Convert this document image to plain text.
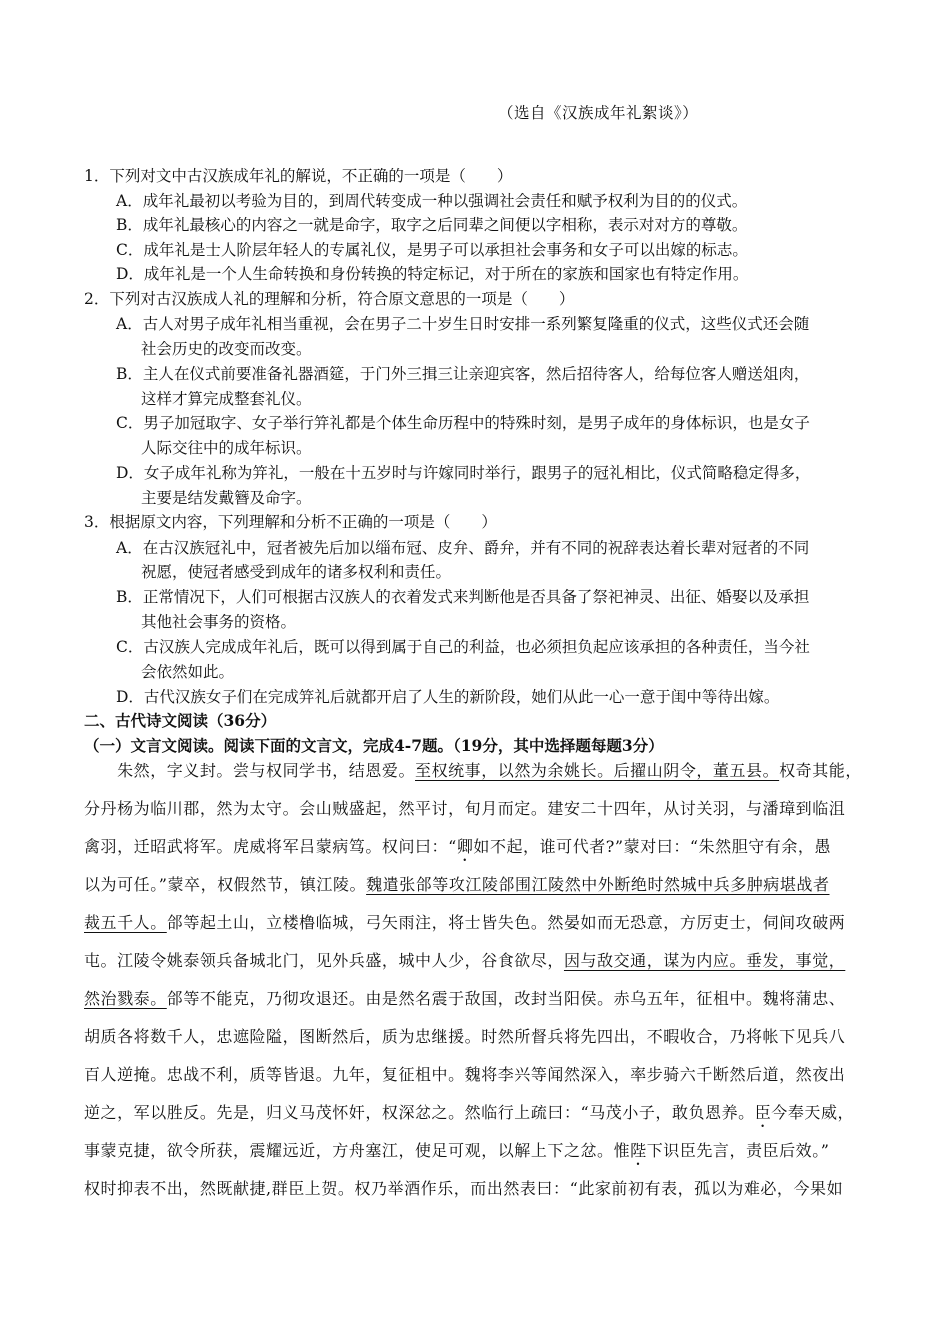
（选自《汉族成年礼絮谈》）
1．下列对文中古汉族成年礼的解说，不正确的一项是（　　）
A．成年礼最初以考验为目的，到周代转变成一种以强调社会责任和赋予权利为目的的仪式。
B．成年礼最核心的内容之一就是命字，取字之后同辈之间便以字相称，表示对对方的尊敬。
C．成年礼是士人阶层年轻人的专属礼仪，是男子可以承担社会事务和女子可以出嫁的标志。
D．成年礼是一个人生命转换和身份转换的特定标记，对于所在的家族和国家也有特定作用。
2．下列对古汉族成人礼的理解和分析，符合原文意思的一项是（　　）
A．古人对男子成年礼相当重视，会在男子二十岁生日时安排一系列繁复隆重的仪式，这些仪式还会随
社会历史的改变而改变。
B．主人在仪式前要准备礼器酒筵，于门外三揖三让亲迎宾客，然后招待客人，给每位客人赠送俎肉，
这样才算完成整套礼仪。
C．男子加冠取字、女子举行笄礼都是个体生命历程中的特殊时刻，是男子成年的身体标识，也是女子
人际交往中的成年标识。
D．女子成年礼称为笄礼，一般在十五岁时与许嫁同时举行，跟男子的冠礼相比，仪式简略稳定得多，
主要是结发戴簪及命字。
3．根据原文内容，下列理解和分析不正确的一项是（　　）
A．在古汉族冠礼中，冠者被先后加以缁布冠、皮弁、爵弁，并有不同的祝辞表达着长辈对冠者的不同
祝愿，使冠者感受到成年的诸多权利和责任。
B．正常情况下，人们可根据古汉族人的衣着发式来判断他是否具备了祭祀神灵、出征、婚娶以及承担
其他社会事务的资格。
C．古汉族人完成成年礼后，既可以得到属于自己的利益，也必须担负起应该承担的各种责任，当今社
会依然如此。
D．古代汉族女子们在完成笄礼后就都开启了人生的新阶段，她们从此一心一意于闺中等待出嫁。
二、古代诗文阅读（36分）
（一）文言文阅读。阅读下面的文言文，完成4-7题。（19分，其中选择题每题3分）
　　朱然，字义封。尝与权同学书，结恩爱。至权统事，以然为余姚长。后擢山阴令，董五县。权奇其能，
分丹杨为临川郡，然为太守。会山贼盛起，然平讨，旬月而定。建安二十四年，从讨关羽，与潘璋到临沮
禽羽，迁昭武将军。虎威将军吕蒙病笃。权问曰：“卿如不起，谁可代者?”蒙对曰：“朱然胆守有余，愚
以为可任。”蒙卒，权假然节，镇江陵。魏遣张郃等攻江陵郃围江陵然中外断绝时然城中兵多肿病堪战者
裁五千人。郃等起土山，立楼橹临城，弓矢雨注，将士皆失色。然晏如而无恐意，方厉吏士，伺间攻破两
屯。江陵令姚泰领兵备城北门，见外兵盛，城中人少，谷食欲尽，因与敌交通，谋为内应。垂发，事觉，
然治戮泰。郃等不能克，乃彻攻退还。由是然名震于敌国，改封当阳侯。赤乌五年，征柤中。魏将蒲忠、
胡质各将数千人，忠遮险隘，图断然后，质为忠继援。时然所督兵将先四出，不暇收合，乃将帐下见兵八
百人逆掩。忠战不利，质等皆退。九年，复征柤中。魏将李兴等闻然深入，率步骑六千断然后道，然夜出
逆之，军以胜反。先是，归义马茂怀奸，权深忿之。然临行上疏曰：“马茂小子，敢负恩养。臣今奉天威，
事蒙克捷，欲令所获，震耀远近，方舟塞江，使足可观，以解上下之忿。惟陛下识臣先言，责臣后效。”
权时抑表不出，然既献捷,群臣上贺。权乃举酒作乐，而出然表曰：“此家前初有表，孤以为难必，今果如
